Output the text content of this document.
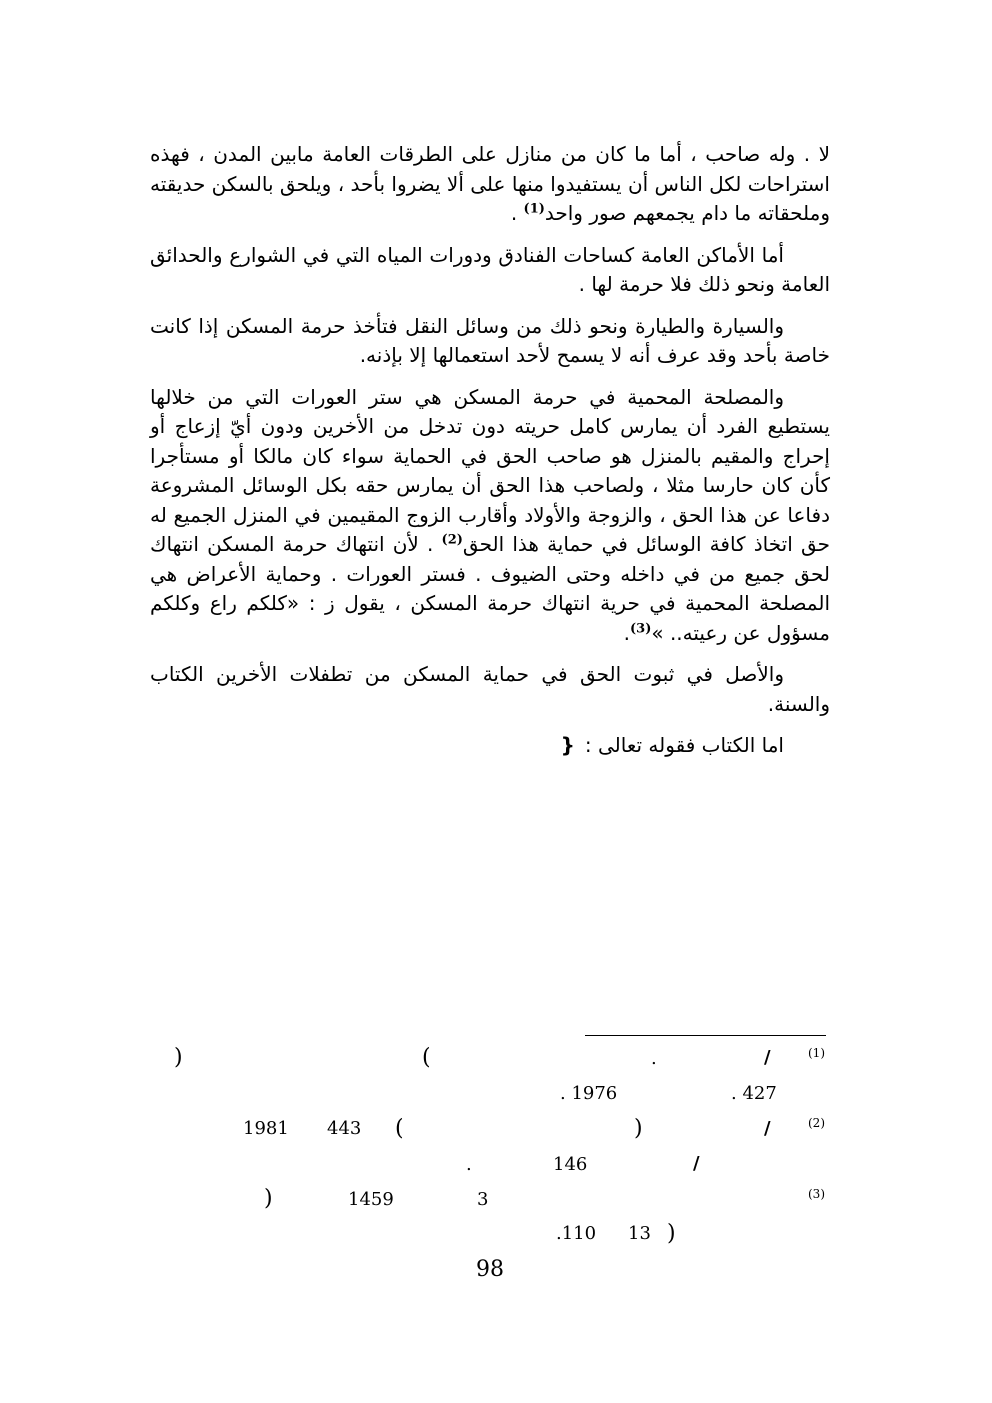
لا . وله صاحب ، أما ما كان من منازل على الطرقات العامة مابين المدن ، فهذه استراحات لكل الناس أن يستفيدوا منها على ألا يضروا بأحد ، ويلحق بالسكن حديقته وملحقاته ما دام يجمعهم صور واحد$^{(1)}$ .

أما الأماكن العامة كساحات الفنادق ودورات المياه التي في الشوارع والحدائق العامة ونحو ذلك فلا حرمة لها .

والسيارة والطيارة ونحو ذلك من وسائل النقل فتأخذ حرمة المسكن إذا كانت خاصة بأحد وقد عرف أنه لا يسمح لأحد استعمالها إلا بإذنه.

والمصلحة المحمية في حرمة المسكن هي ستر العورات التي من خلالها يستطيع الفرد أن يمارس كامل حريته دون تدخل من الأخرين ودون أيّ إزعاج أو إحراج والمقيم بالمنزل هو صاحب الحق في الحماية سواء كان مالكا أو مستأجرا كأن كان حارسا مثلا ، ولصاحب هذا الحق أن يمارس حقه بكل الوسائل المشروعة دفاعا عن هذا الحق ، والزوجة والأولاد وأقارب الزوج المقيمين في المنزل الجميع له حق اتخاذ كافة الوسائل في حماية هذا الحق$^{(2)}$ . لأن انتهاك حرمة المسكن انتهاك لحق جميع من في داخله وحتى الضيوف . فستر العورات . وحماية الأعراض هي المصلحة المحمية في حرية انتهاك حرمة المسكن ، يقول ز : «كلكم راع وكلكم مسؤول عن رعيته.. »$^{(3)}$.

والأصل في ثبوت الحق في حماية المسكن من تطفلات الأخرين الكتاب والسنة.

اما الكتاب فقوله تعالى :{

(1)
/
.
(
)
. 427
. 1976
(2)
/
)
(
443
1981
/
146
.
(3)
3
1459
)
)
13
.110
98
